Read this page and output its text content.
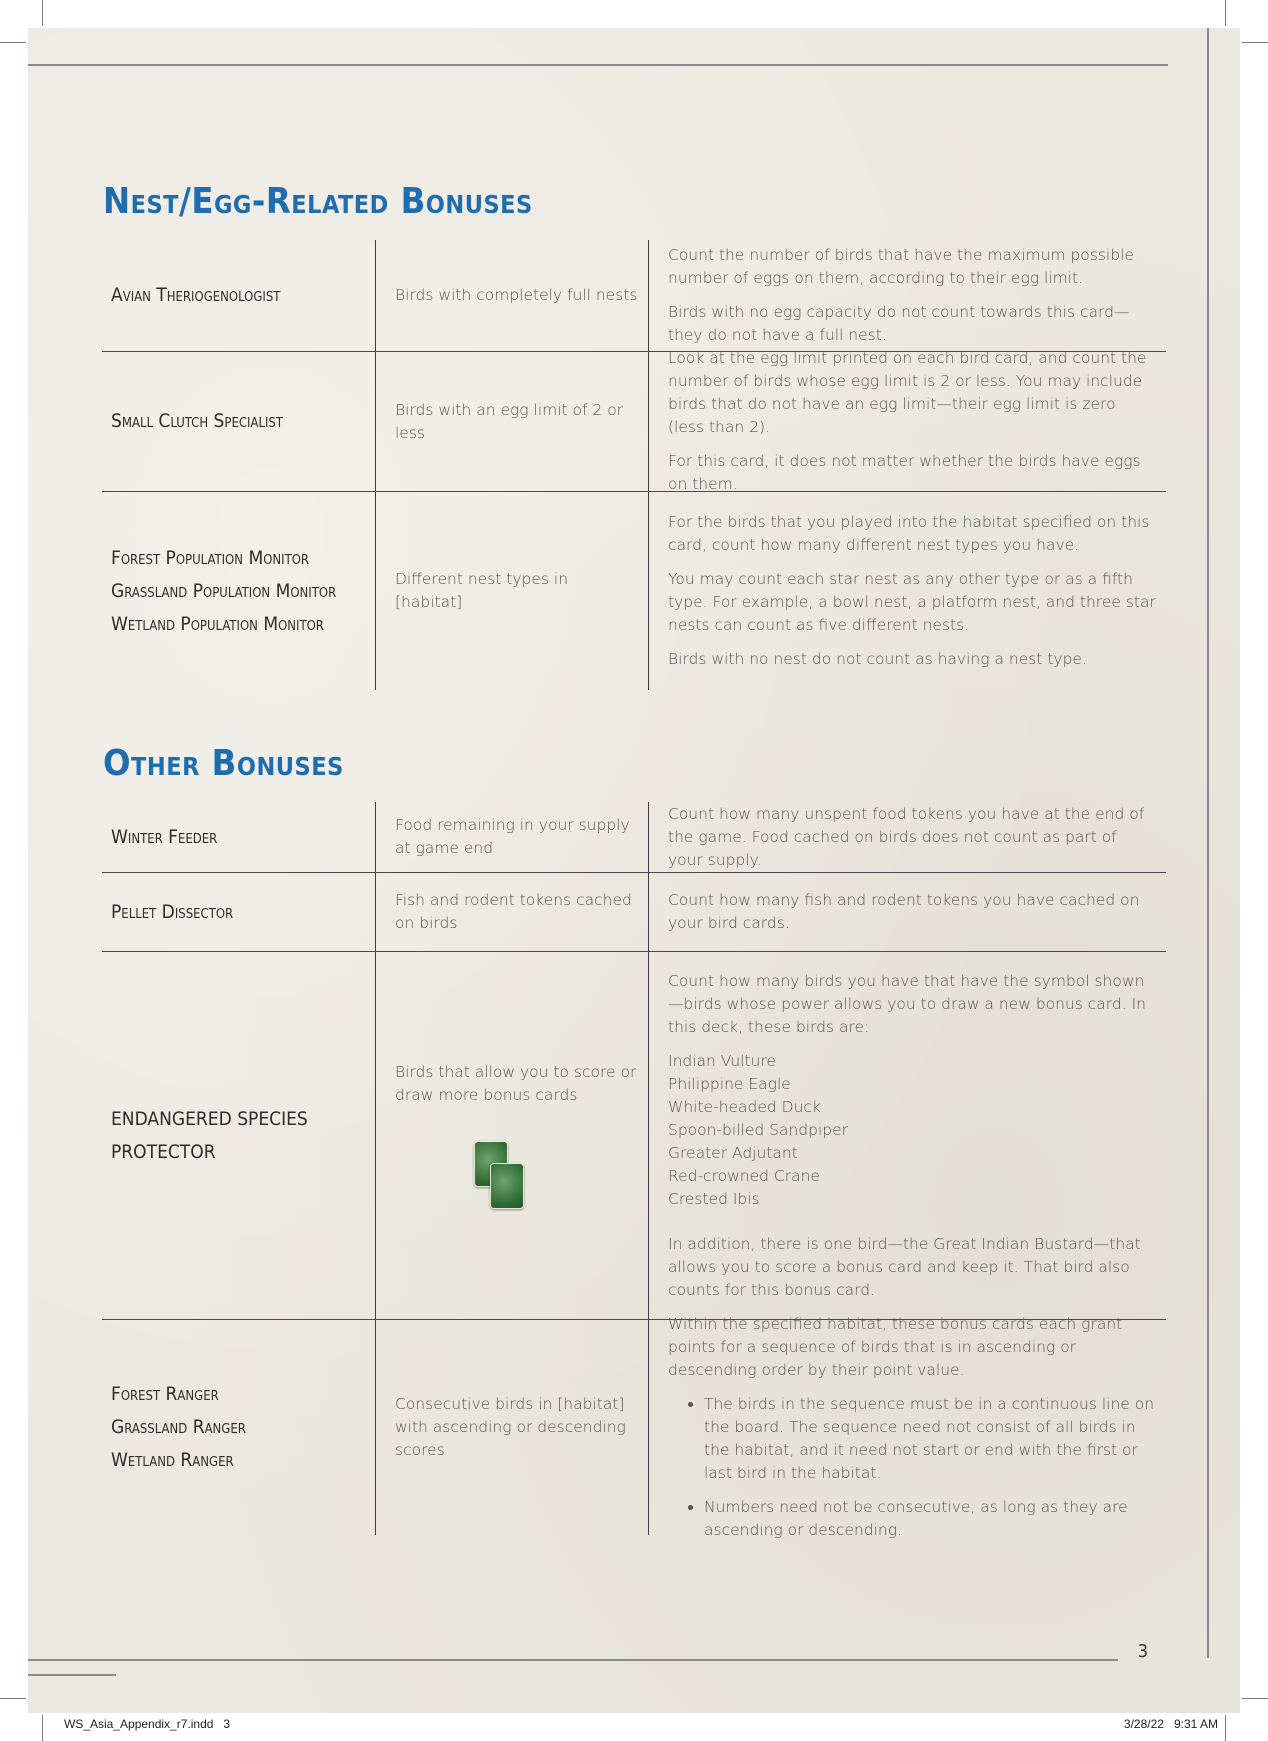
Nest/Egg-Related Bonuses
Avian Theriogenologist	Birds with completely full nests

Count the number of birds that have the maximum possible number of eggs on them, according to their egg limit.

Birds with no egg capacity do not count towards this card—they do not have a full nest.

Small Clutch Specialist
Birds with an egg limit of 2 or less

Look at the egg limit printed on each bird card, and count the number of birds whose egg limit is 2 or less. You may include birds that do not have an egg limit—their egg limit is zero (less than 2).

For this card, it does not matter whether the birds have eggs on them.

Forest Population Monitor
Grassland Population Monitor
Wetland Population Monitor
Different nest types in [habitat]

For the birds that you played into the habitat specified on this card, count how many different nest types you have.

You may count each star nest as any other type or as a fifth type. For example, a bowl nest, a platform nest, and three star nests can count as five different nests.

Birds with no nest do not count as having a nest type.

Other Bonuses
Winter Feeder
Food remaining in your supply at game end

Count how many unspent food tokens you have at the end of the game. Food cached on birds does not count as part of your supply.

Pellet Dissector
Fish and rodent tokens cached on birds

Count how many fish and rodent tokens you have cached on your bird cards.

ENDANGERED SPECIES PROTECTOR
Birds that allow you to score or draw more bonus cards

Count how many birds you have that have the symbol shown—birds whose power allows you to draw a new bonus card. In this deck, these birds are:

Indian Vulture
Philippine Eagle
White-headed Duck
Spoon-billed Sandpiper
Greater Adjutant
Red-crowned Crane
Crested Ibis

In addition, there is one bird—the Great Indian Bustard—that allows you to score a bonus card and keep it. That bird also counts for this bonus card.

Forest Ranger
Grassland Ranger
Wetland Ranger
Consecutive birds in [habitat] with ascending or descending scores

Within the specified habitat, these bonus cards each grant points for a sequence of birds that is in ascending or descending order by their point value.

• The birds in the sequence must be in a continuous line on the board. The sequence need not consist of all birds in the habitat, and it need not start or end with the first or last bird in the habitat.
• Numbers need not be consecutive, as long as they are ascending or descending.
3
WS_Asia_Appendix_r7.indd   3	3/28/22   9:31 AM
